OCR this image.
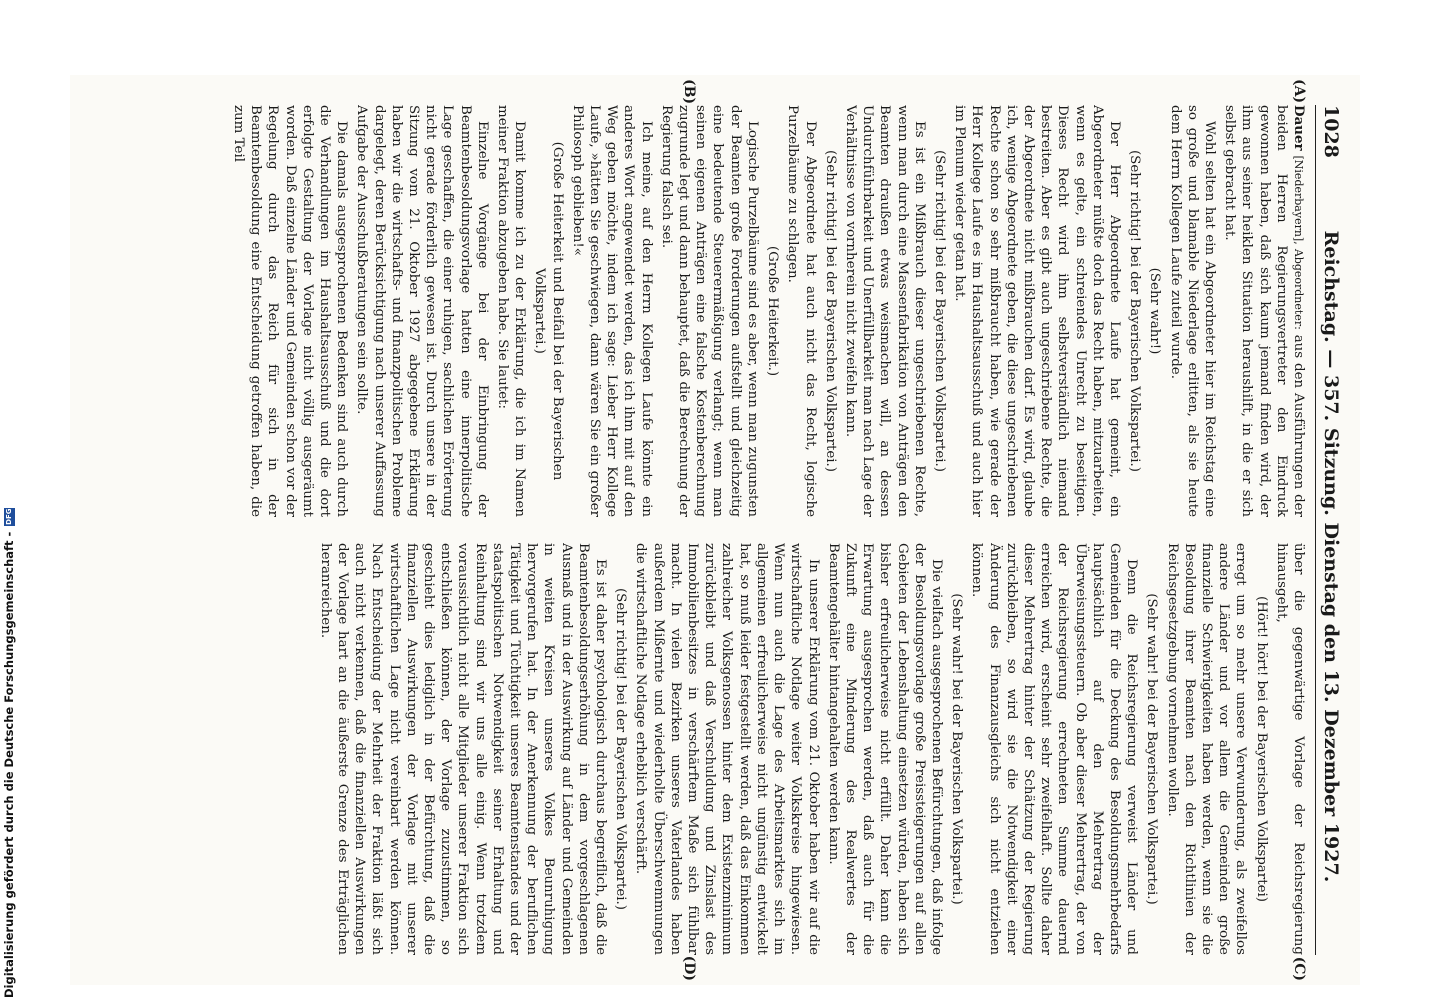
1028
Reichstag. — 357. Sitzung. Dienstag den 13. Dezember 1927.
(A)
(B)
(C)
(D)

Dauer [Niederbayern], Abgeordneter: aus den Ausführungen der beiden Herren Regierungsvertreter den Eindruck gewonnen haben, daß sich kaum jemand finden wird, der ihm aus seiner heiklen Situation heraushilft, in die er sich selbst gebracht hat.

Wohl selten hat ein Abgeordneter hier im Reichstag eine so große und blamable Niederlage erlitten, als sie heute dem Herrn Kollegen Laufe zuteil wurde.

(Sehr wahr!)

(Sehr richtig! bei der Bayerischen Volkspartei.)

Der Herr Abgeordnete Laufe hat gemeint, ein Abgeordneter müßte doch das Recht haben, mitzuarbeiten, wenn es gelte, ein schreiendes Unrecht zu beseitigen. Dieses Recht wird ihm selbstverständlich niemand bestreiten. Aber es gibt auch ungeschriebene Rechte, die der Abgeordnete nicht mißbrauchen darf. Es wird, glaube ich, wenige Abgeordnete geben, die diese ungeschriebenen Rechte schon so sehr mißbraucht haben, wie gerade der Herr Kollege Laufe es im Haushaltsausschuß und auch hier im Plenum wieder getan hat.

(Sehr richtig! bei der Bayerischen Volkspartei.)

Es ist ein Mißbrauch dieser ungeschriebenen Rechte, wenn man durch eine Massenfabrikation von Anträgen den Beamten draußen etwas weismachen will, an dessen Undurchführbarkeit und Unerfüllbarkeit man nach Lage der Verhältnisse von vornherein nicht zweifeln kann.

(Sehr richtig! bei der Bayerischen Volkspartei.)

Der Abgeordnete hat auch nicht das Recht, logische Purzelbäume zu schlagen.

(Große Heiterkeit.)

Logische Purzelbäume sind es aber, wenn man zugunsten der Beamten große Forderungen aufstellt und gleichzeitig eine bedeutende Steuerermäßigung verlangt; wenn man seinen eigenen Anträgen eine falsche Kostenberechnung zugrunde legt und dann behauptet, daß die Berechnung der Regierung falsch sei.

Ich meine, auf den Herrn Kollegen Laufe könnte ein anderes Wort angewendet werden, das ich ihm mit auf den Weg geben möchte, indem ich sage: Lieber Herr Kollege Laufe, »hätten Sie geschwiegen, dann wären Sie ein großer Philosoph geblieben!«

(Große Heiterkeit und Beifall bei der Bayerischen Volkspartei.)

Damit komme ich zu der Erklärung, die ich im Namen meiner Fraktion abzugeben habe. Sie lautet:

Einzelne Vorgänge bei der Einbringung der Beamtenbesoldungsvorlage hatten eine innerpolitische Lage geschaffen, die einer ruhigen, sachlichen Erörterung nicht gerade förderlich gewesen ist. Durch unsere in der Sitzung vom 21. Oktober 1927 abgegebene Erklärung haben wir die wirtschafts- und finanzpolitischen Probleme dargelegt, deren Berücksichtigung nach unserer Auffassung Aufgabe der Ausschußberatungen sein sollte.

Die damals ausgesprochenen Bedenken sind auch durch die Verhandlungen im Haushaltsausschuß und die dort erfolgte Gestaltung der Vorlage nicht völlig ausgeräumt worden. Daß einzelne Länder und Gemeinden schon vor der Regelung durch das Reich für sich in der Beamtenbesoldung eine Entscheidung getroffen haben, die zum Teil

über die gegenwärtige Vorlage der Reichsregierung hinausgeht,

(Hört! hört! bei der Bayerischen Volkspartei)

erregt um so mehr unsere Verwunderung, als zweifellos andere Länder und vor allem die Gemeinden große finanzielle Schwierigkeiten haben werden, wenn sie die Besoldung ihrer Beamten nach den Richtlinien der Reichsgesetzgebung vornehmen wollen.

(Sehr wahr! bei der Bayerischen Volkspartei.)

Denn die Reichsregierung verweist Länder und Gemeinden für die Deckung des Besoldungsmehrbedarfs hauptsächlich auf den Mehrertrag der Überweisungssteuern. Ob aber dieser Mehrertrag, der von der Reichsregierung errechneten Summe dauernd erreichen wird, erscheint sehr zweifelhaft. Sollte daher dieser Mehrertrag hinter der Schätzung der Regierung zurückbleiben, so wird sie die Notwendigkeit einer Änderung des Finanzausgleichs sich nicht entziehen können.

(Sehr wahr! bei der Bayerischen Volkspartei.)

Die vielfach ausgesprochenen Befürchtungen, daß infolge der Besoldungsvorlage große Preissteigerungen auf allen Gebieten der Lebenshaltung einsetzen würden, haben sich bisher erfreulicherweise nicht erfüllt. Daher kann die Erwartung ausgesprochen werden, daß auch für die Zukunft eine Minderung des Realwertes der Beamtengehälter hintangehalten werden kann.

In unserer Erklärung vom 21. Oktober haben wir auf die wirtschaftliche Notlage weiter Volkskreise hingewiesen. Wenn nun auch die Lage des Arbeitsmarktes sich im allgemeinen erfreulicherweise nicht ungünstig entwickelt hat, so muß leider festgestellt werden, daß das Einkommen zahlreicher Volksgenossen hinter dem Existenzminimum zurückbleibt und daß Verschuldung und Zinslast des Immobilienbesitzes in verschärftem Maße sich fühlbar macht. In vielen Bezirken unseres Vaterlandes haben außerdem Mißernte und wiederholte Überschwemmungen die wirtschaftliche Notlage erheblich verschärft.

(Sehr richtig! bei der Bayerischen Volkspartei.)

Es ist daher psychologisch durchaus begreiflich, daß die Beamtenbesoldungserhöhung in dem vorgeschlagenen Ausmaß und in der Auswirkung auf Länder und Gemeinden in weiten Kreisen unseres Volkes Beunruhigung hervorgerufen hat. In der Anerkennung der beruflichen Tätigkeit und Tüchtigkeit unseres Beamtenstandes und der staatspolitischen Notwendigkeit seiner Erhaltung und Reinhaltung sind wir uns alle einig. Wenn trotzdem voraussichtlich nicht alle Mitglieder unserer Fraktion sich entschließen können, der Vorlage zuzustimmen, so geschieht dies lediglich in der Befürchtung, daß die finanziellen Auswirkungen der Vorlage mit unserer wirtschaftlichen Lage nicht vereinbart werden können. Nach Entscheidung der Mehrheit der Fraktion läßt sich auch nicht verkennen, daß die finanziellen Auswirkungen der Vorlage hart an die äußerste Grenze des Erträglichen heranreichen.

Digitalisierung gefördert durch die Deutsche Forschungsgemeinschaft -DFG
